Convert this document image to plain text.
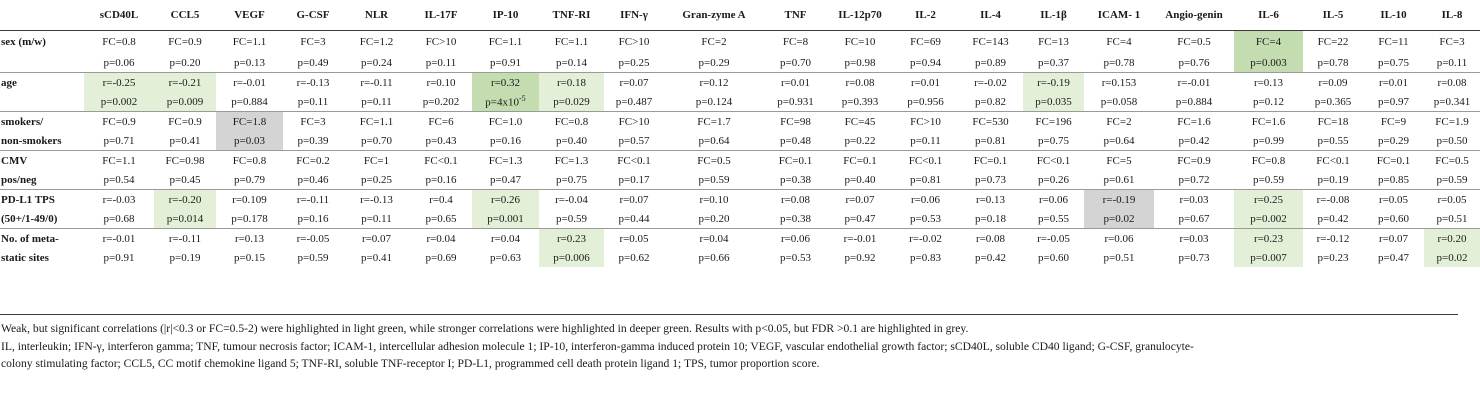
	sCD40L	CCL5	VEGF	G-CSF	NLR	IL-17F	IP-10	TNF-RI	IFN-γ	Gran-zyme A	TNF	IL-12p70	IL-2	IL-4	IL-1β	ICAM- 1	Angio-genin	IL-6	IL-5	IL-10	IL-8
sex (m/w)	FC=0.8	FC=0.9	FC=1.1	FC=3	FC=1.2	FC>10	FC=1.1	FC=1.1	FC>10	FC=2	FC=8	FC=10	FC=69	FC=143	FC=13	FC=4	FC=0.5	FC=4	FC=22	FC=11	FC=3
	p=0.06	p=0.20	p=0.13	p=0.49	p=0.24	p=0.11	p=0.91	p=0.14	p=0.25	p=0.29	p=0.70	p=0.98	p=0.94	p=0.89	p=0.37	p=0.78	p=0.76	p=0.003	p=0.78	p=0.75	p=0.11
age	r=-0.25	r=-0.21	r=-0.01	r=-0.13	r=-0.11	r=0.10	r=0.32	r=0.18	r=0.07	r=0.12	r=0.01	r=0.08	r=0.01	r=-0.02	r=-0.19	r=0.153	r=-0.01	r=0.13	r=0.09	r=0.01	r=0.08
	p=0.002	p=0.009	p=0.884	p=0.11	p=0.11	p=0.202	$p=4x10^{-5}$	p=0.029	p=0.487	p=0.124	p=0.931	p=0.393	p=0.956	p=0.82	p=0.035	p=0.058	p=0.884	p=0.12	p=0.365	p=0.97	p=0.341
smokers/	FC=0.9	FC=0.9	FC=1.8	FC=3	FC=1.1	FC=6	FC=1.0	FC=0.8	FC>10	FC=1.7	FC=98	FC=45	FC>10	FC=530	FC=196	FC=2	FC=1.6	FC=1.6	FC=18	FC=9	FC=1.9
non-smokers	p=0.71	p=0.41	p=0.03	p=0.39	p=0.70	p=0.43	p=0.16	p=0.40	p=0.57	p=0.64	p=0.48	p=0.22	p=0.11	p=0.81	p=0.75	p=0.64	p=0.42	p=0.99	p=0.55	p=0.29	p=0.50
CMV	FC=1.1	FC=0.98	FC=0.8	FC=0.2	FC=1	FC<0.1	FC=1.3	FC=1.3	FC<0.1	FC=0.5	FC=0.1	FC=0.1	FC<0.1	FC=0.1	FC<0.1	FC=5	FC=0.9	FC=0.8	FC<0.1	FC=0.1	FC=0.5
pos/neg	p=0.54	p=0.45	p=0.79	p=0.46	p=0.25	p=0.16	p=0.47	p=0.75	p=0.17	p=0.59	p=0.38	p=0.40	p=0.81	p=0.73	p=0.26	p=0.61	p=0.72	p=0.59	p=0.19	p=0.85	p=0.59
PD-L1 TPS	r=-0.03	r=-0.20	r=0.109	r=-0.11	r=-0.13	r=0.4	r=0.26	r=-0.04	r=0.07	r=0.10	r=0.08	r=0.07	r=0.06	r=0.13	r=0.06	r=-0.19	r=0.03	r=0.25	r=-0.08	r=0.05	r=0.05
(50+/1-49/0)	p=0.68	p=0.014	p=0.178	p=0.16	p=0.11	p=0.65	p=0.001	p=0.59	p=0.44	p=0.20	p=0.38	p=0.47	p=0.53	p=0.18	p=0.55	p=0.02	p=0.67	p=0.002	p=0.42	p=0.60	p=0.51
No. of meta-	r=-0.01	r=-0.11	r=0.13	r=-0.05	r=0.07	r=0.04	r=0.04	r=0.23	r=0.05	r=0.04	r=0.06	r=-0.01	r=-0.02	r=0.08	r=-0.05	r=0.06	r=0.03	r=0.23	r=-0.12	r=0.07	r=0.20
static sites	p=0.91	p=0.19	p=0.15	p=0.59	p=0.41	p=0.69	p=0.63	p=0.006	p=0.62	p=0.66	p=0.53	p=0.92	p=0.83	p=0.42	p=0.60	p=0.51	p=0.73	p=0.007	p=0.23	p=0.47	p=0.02
Weak, but significant correlations (|r|<0.3 or FC=0.5-2) were highlighted in light green, while stronger correlations were highlighted in deeper green. Results with p<0.05, but FDR >0.1 are highlighted in grey.
IL, interleukin; IFN-γ, interferon gamma; TNF, tumour necrosis factor; ICAM-1, intercellular adhesion molecule 1; IP-10, interferon-gamma induced protein 10; VEGF, vascular endothelial growth factor; sCD40L, soluble CD40 ligand; G-CSF, granulocyte-
colony stimulating factor; CCL5, CC motif chemokine ligand 5; TNF-RI, soluble TNF-receptor I; PD-L1, programmed cell death protein ligand 1; TPS, tumor proportion score.
